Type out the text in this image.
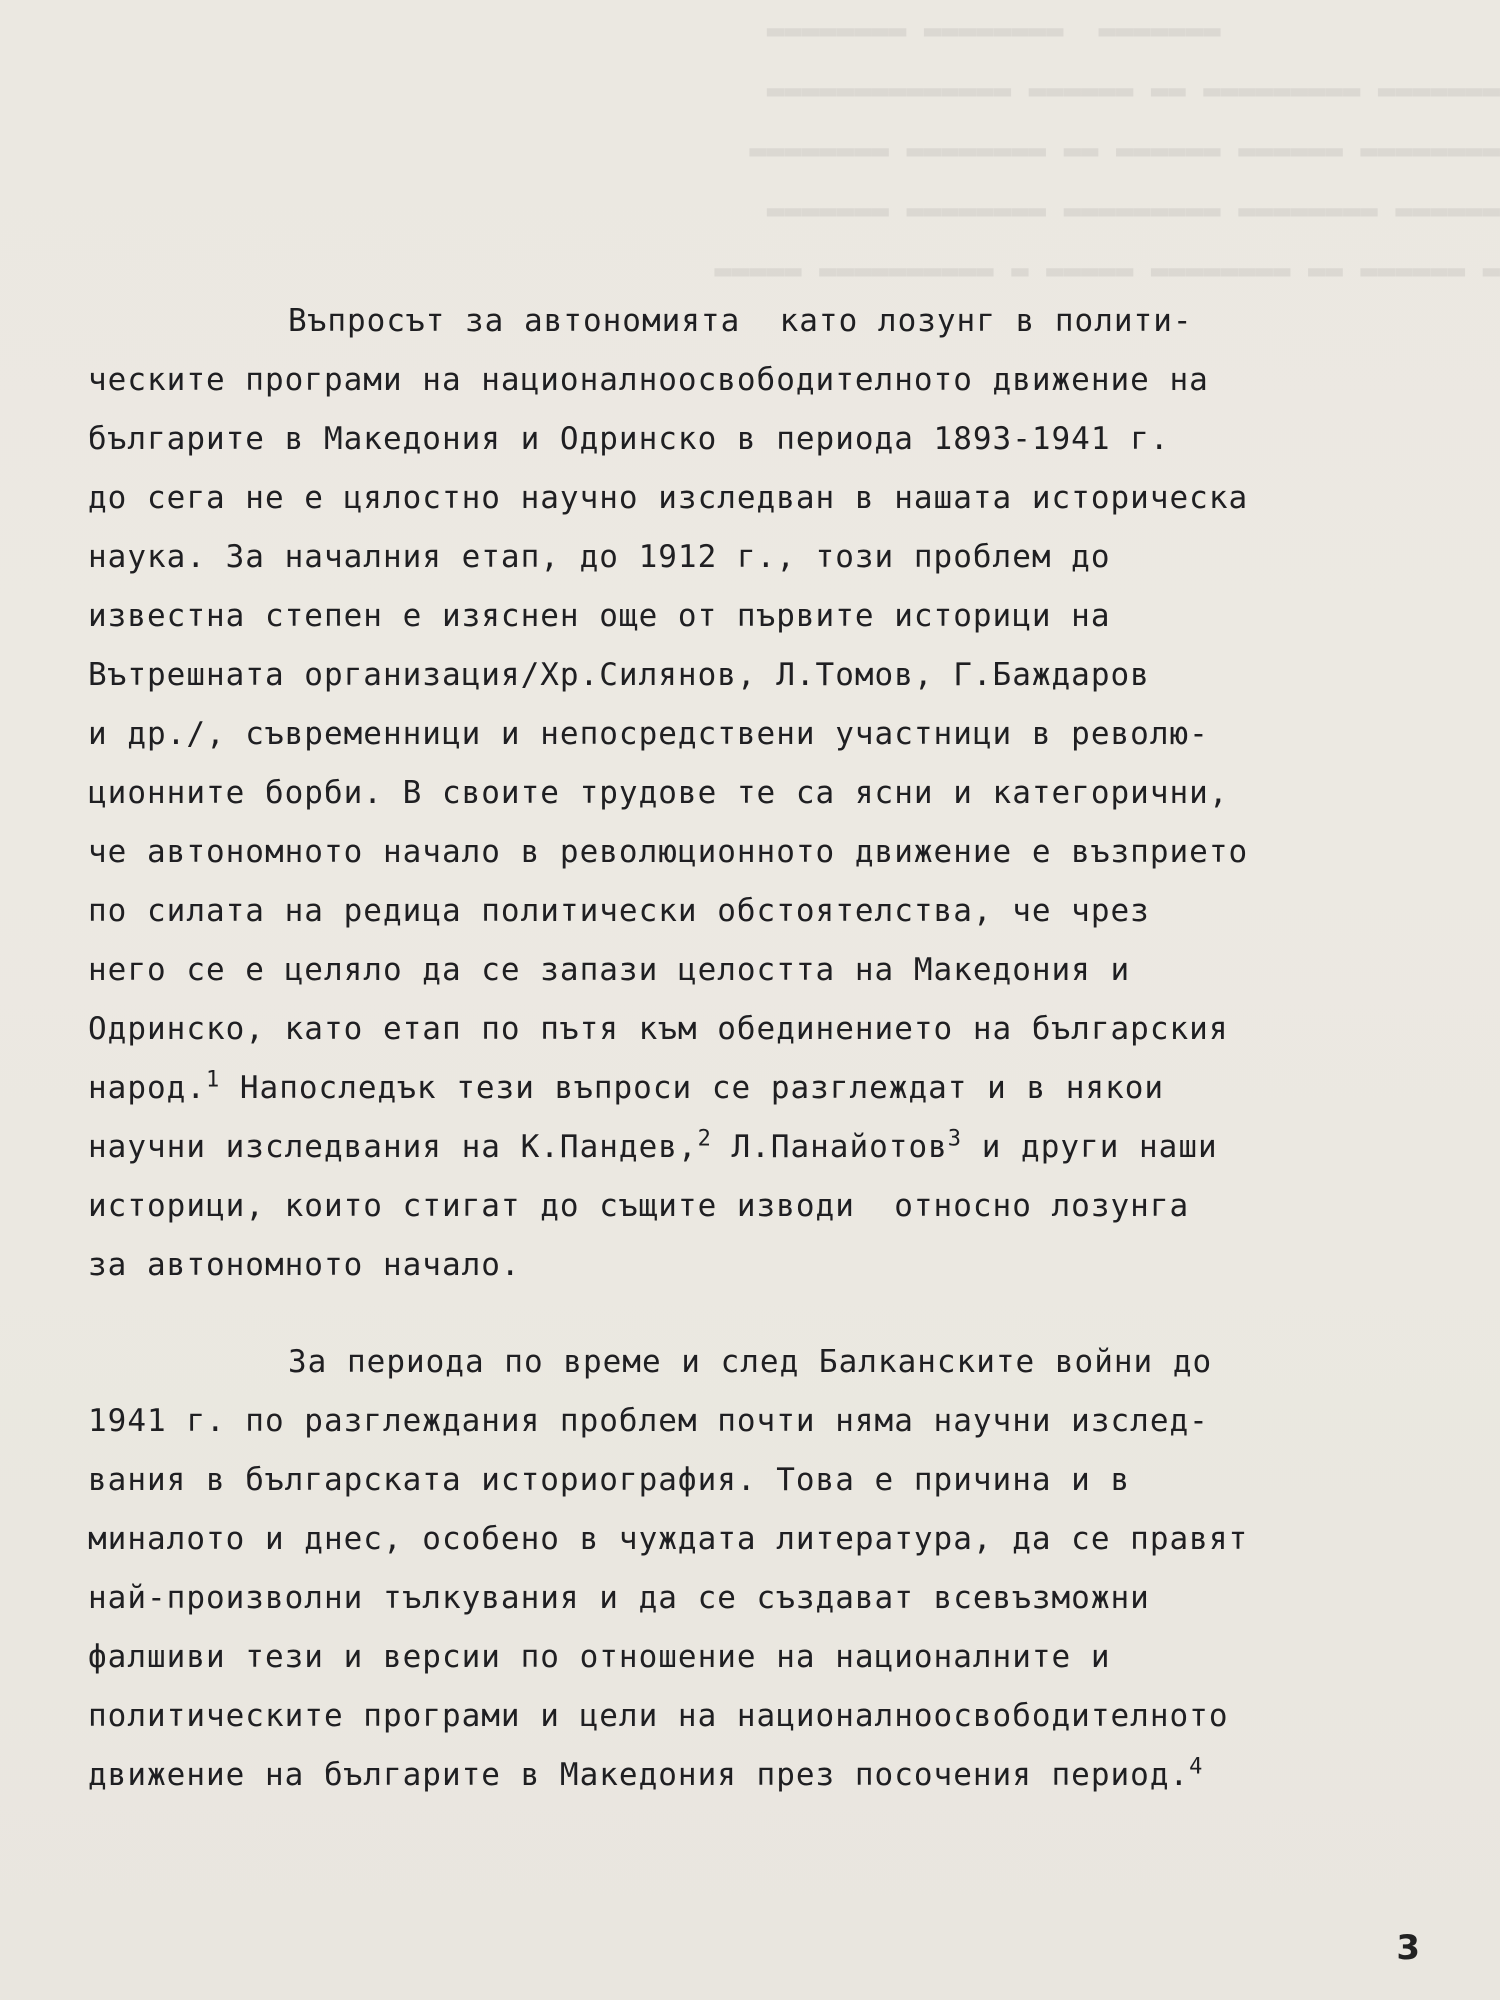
▬▬▬▬▬▬▬  ▬▬▬▬▬▬▬▬ ▬▬▬▬▬▬▬▬
▬▬▬▬▬▬▬ ▬▬▬▬▬▬▬▬▬ ▬▬ ▬▬▬▬▬▬ ▬▬▬▬▬▬▬▬▬▬▬▬▬▬
▬▬▬▬▬▬▬▬ ▬▬▬▬▬▬ ▬▬▬▬▬▬ ▬▬ ▬▬▬▬▬▬▬▬ ▬▬▬▬▬▬▬▬
▬▬▬▬▬▬ ▬▬▬▬▬▬▬▬ ▬▬▬▬▬▬▬▬▬ ▬▬▬▬▬▬▬▬ ▬▬▬▬▬▬▬
▬ ▬▬▬▬▬▬ ▬▬ ▬▬▬▬▬▬▬▬ ▬▬▬▬▬ ▬ ▬▬▬▬▬▬▬▬▬▬ ▬▬▬▬▬
Въпросът за автономията  като лозунг в полити-
ческите програми на националноосвободителното движение на
българите в Македония и Одринско в периода 1893-1941 г.
до сега не е цялостно научно изследван в нашата историческа
наука. За началния етап, до 1912 г., този проблем до
известна степен е изяснен още от първите историци на
Вътрешната организация/Хр.Силянов, Л.Томов, Г.Баждаров
и др./, съвременници и непосредствени участници в револю-
ционните борби. В своите трудове те са ясни и категорични,
че автономното начало в революционното движение е възприето
по силата на редица политически обстоятелства, че чрез
него се е целяло да се запази целостта на Македония и
Одринско, като етап по пътя към обединението на българския
народ.$^1$ Напоследък тези въпроси се разглеждат и в някои
научни изследвания на К.Пандев,$^2$ Л.Панайотов$^3$ и други наши
историци, които стигат до същите изводи  относно лозунга
за автономното начало.
За периода по време и след Балканските войни до
1941 г. по разглеждания проблем почти няма научни изслед-
вания в българската историография. Това е причина и в
миналото и днес, особено в чуждата литература, да се правят
най-произволни тълкувания и да се създават всевъзможни
фалшиви тези и версии по отношение на националните и
политическите програми и цели на националноосвободителното
движение на българите в Македония през посочения период.$^4$
3
